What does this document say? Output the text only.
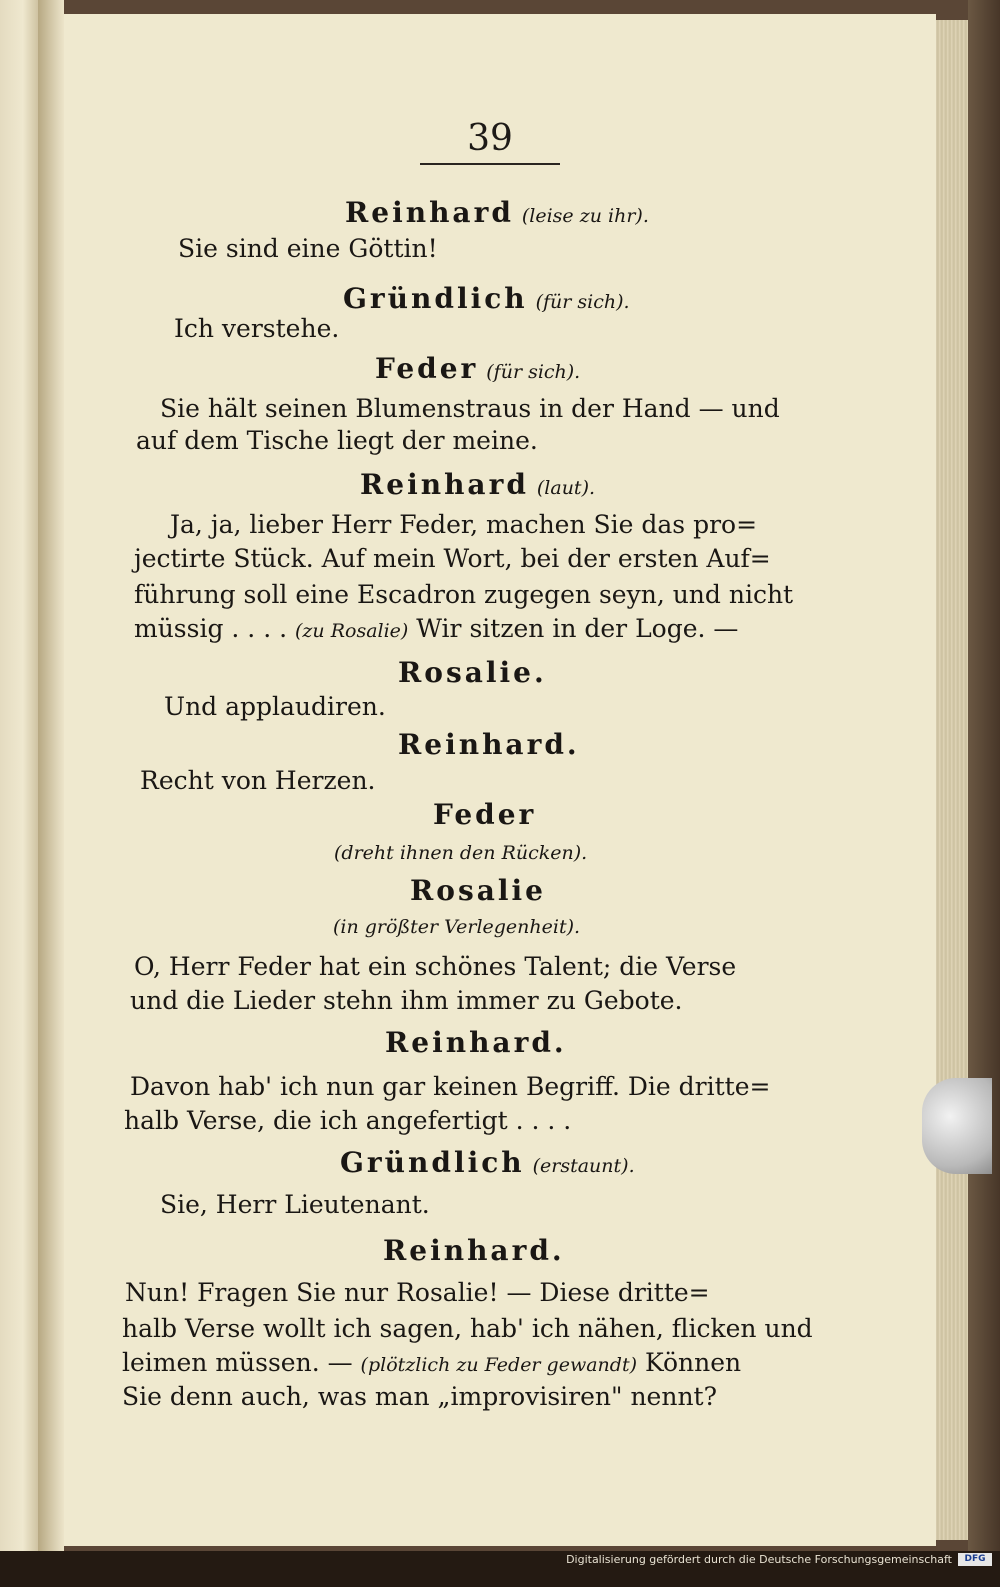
39
Reinhard (leise zu ihr).
Sie sind eine Göttin!
Gründlich (für sich).
Ich verstehe.
Feder (für sich).
Sie hält seinen Blumenstraus in der Hand — und
auf dem Tische liegt der meine.
Reinhard (laut).
Ja, ja, lieber Herr Feder, machen Sie das pro=
jectirte Stück. Auf mein Wort, bei der ersten Auf=
führung soll eine Escadron zugegen seyn, und nicht
müssig . . . . (zu Rosalie) Wir sitzen in der Loge. —
Rosalie.
Und applaudiren.
Reinhard.
Recht von Herzen.
Feder
(dreht ihnen den Rücken).
Rosalie
(in größter Verlegenheit).
O, Herr Feder hat ein schönes Talent; die Verse
und die Lieder stehn ihm immer zu Gebote.
Reinhard.
Davon hab' ich nun gar keinen Begriff. Die dritte=
halb Verse, die ich angefertigt . . . .
Gründlich (erstaunt).
Sie, Herr Lieutenant.
Reinhard.
Nun! Fragen Sie nur Rosalie! — Diese dritte=
halb Verse wollt ich sagen, hab' ich nähen, flicken und
leimen müssen. — (plötzlich zu Feder gewandt) Können
Sie denn auch, was man „improvisiren" nennt?
Digitalisierung gefördert durch die Deutsche Forschungsgemeinschaft	DFG
